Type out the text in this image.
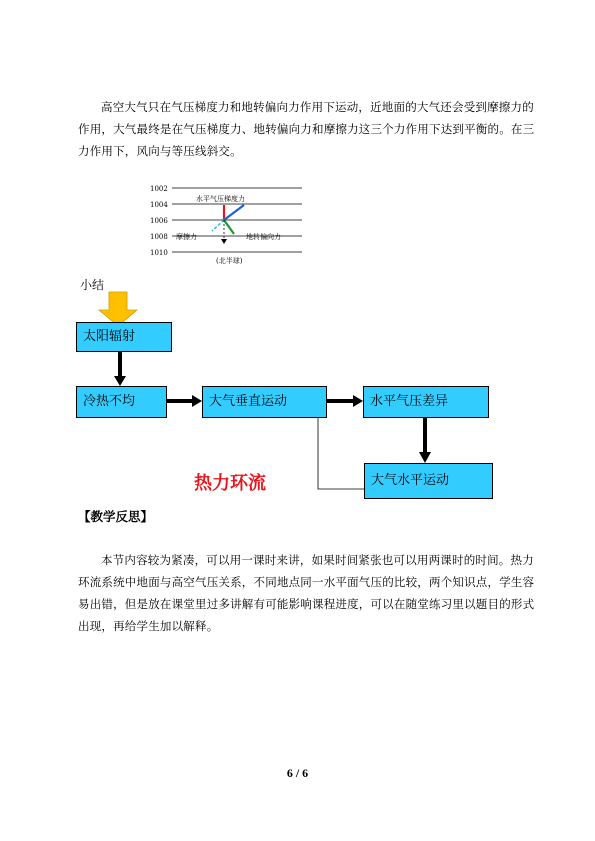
高空大气只在气压梯度力和地转偏向力作用下运动，近地面的大气还会受到摩擦力的作用，大气最终是在气压梯度力、地转偏向力和摩擦力这三个力作用下达到平衡的。在三力作用下，风向与等压线斜交。
1002
1004
1006
1008
1010
水平气压梯度力
摩擦力	地转偏向力
(北半球)
小结
太阳辐射
冷热不均	大气垂直运动	水平气压差异
大气水平运动
热力环流
【教学反思】
本节内容较为紧凑，可以用一课时来讲，如果时间紧张也可以用两课时的时间。热力环流系统中地面与高空气压关系，不同地点同一水平面气压的比较，两个知识点，学生容易出错，但是放在课堂里过多讲解有可能影响课程进度，可以在随堂练习里以题目的形式出现，再给学生加以解释。
6 / 6
